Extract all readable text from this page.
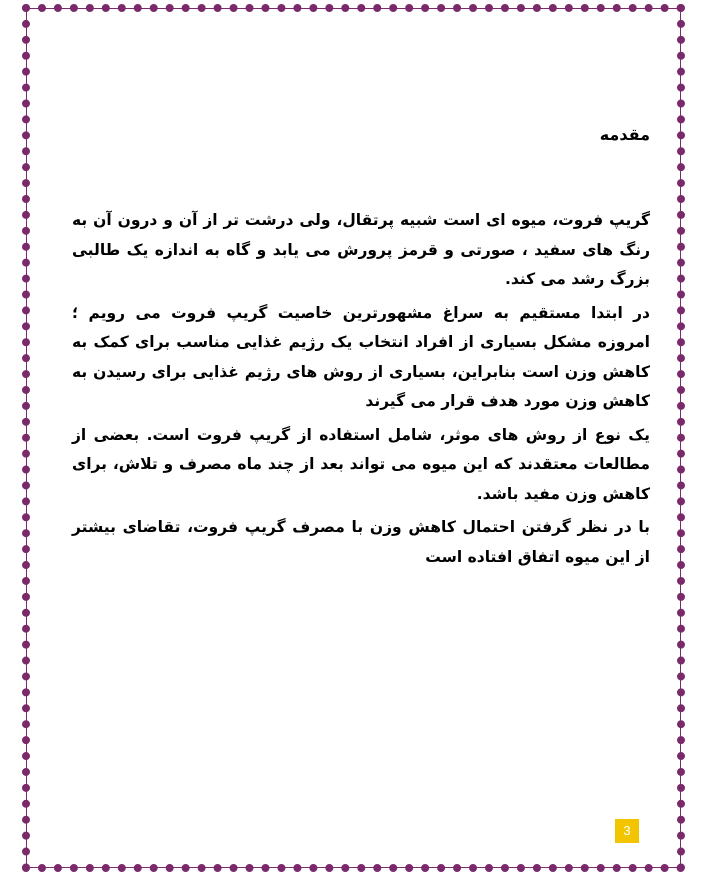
مقدمه

گریپ فروت، میوه ای است شبیه پرتقال، ولی درشت تر از آن و درون آن به رنگ های سفید ، صورتی و قرمز پرورش می یابد و گاه به اندازه یک طالبی بزرگ رشد می کند.

در ابتدا مستقیم به سراغ مشهورترین خاصیت گریپ فروت می رویم ؛ امروزه مشکل بسیاری از افراد انتخاب یک رژیم غذایی مناسب برای کمک به کاهش وزن است بنابراین، بسیاری از روش های رژیم غذایی برای رسیدن به کاهش وزن مورد هدف قرار می گیرند

یک نوع از روش های موثر، شامل استفاده از گریپ فروت است. بعضی از مطالعات معتقدند که این میوه می تواند بعد از چند ماه مصرف و تلاش، برای کاهش وزن مفید باشد.

با در نظر گرفتن احتمال کاهش وزن با مصرف گریپ فروت، تقاضای بیشتر از این میوه اتفاق افتاده است

3
